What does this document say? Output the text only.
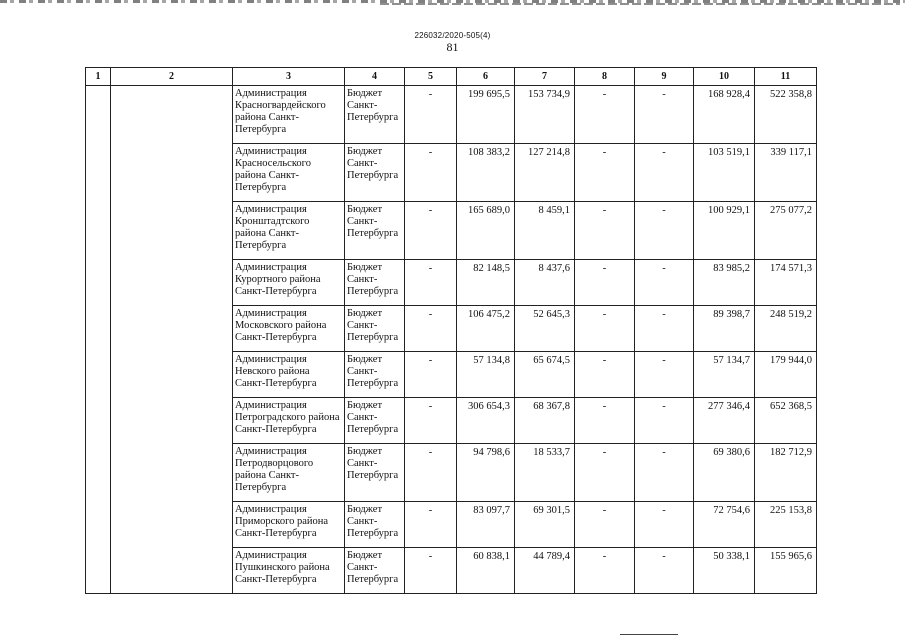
226032/2020-505(4)
81
1	2	3	4	5	6	7	8	9	10	11
		Администрация Красногвардейского района Санкт-Петербурга	Бюджет Санкт-Петербурга	-	199 695,5	153 734,9	-	-	168 928,4	522 358,8
		Администрация Красносельского района Санкт-Петербурга	Бюджет Санкт-Петербурга	-	108 383,2	127 214,8	-	-	103 519,1	339 117,1
		Администрация Кронштадтского района Санкт-Петербурга	Бюджет Санкт-Петербурга	-	165 689,0	8 459,1	-	-	100 929,1	275 077,2
		Администрация Курортного района Санкт-Петербурга	Бюджет Санкт-Петербурга	-	82 148,5	8 437,6	-	-	83 985,2	174 571,3
		Администрация Московского района Санкт-Петербурга	Бюджет Санкт-Петербурга	-	106 475,2	52 645,3	-	-	89 398,7	248 519,2
		Администрация Невского района Санкт-Петербурга	Бюджет Санкт-Петербурга	-	57 134,8	65 674,5	-	-	57 134,7	179 944,0
		Администрация Петроградского района Санкт-Петербурга	Бюджет Санкт-Петербурга	-	306 654,3	68 367,8	-	-	277 346,4	652 368,5
		Администрация Петродворцового района Санкт-Петербурга	Бюджет Санкт-Петербурга	-	94 798,6	18 533,7	-	-	69 380,6	182 712,9
		Администрация Приморского района Санкт-Петербурга	Бюджет Санкт-Петербурга	-	83 097,7	69 301,5	-	-	72 754,6	225 153,8
		Администрация Пушкинского района Санкт-Петербурга	Бюджет Санкт-Петербурга	-	60 838,1	44 789,4	-	-	50 338,1	155 965,6
